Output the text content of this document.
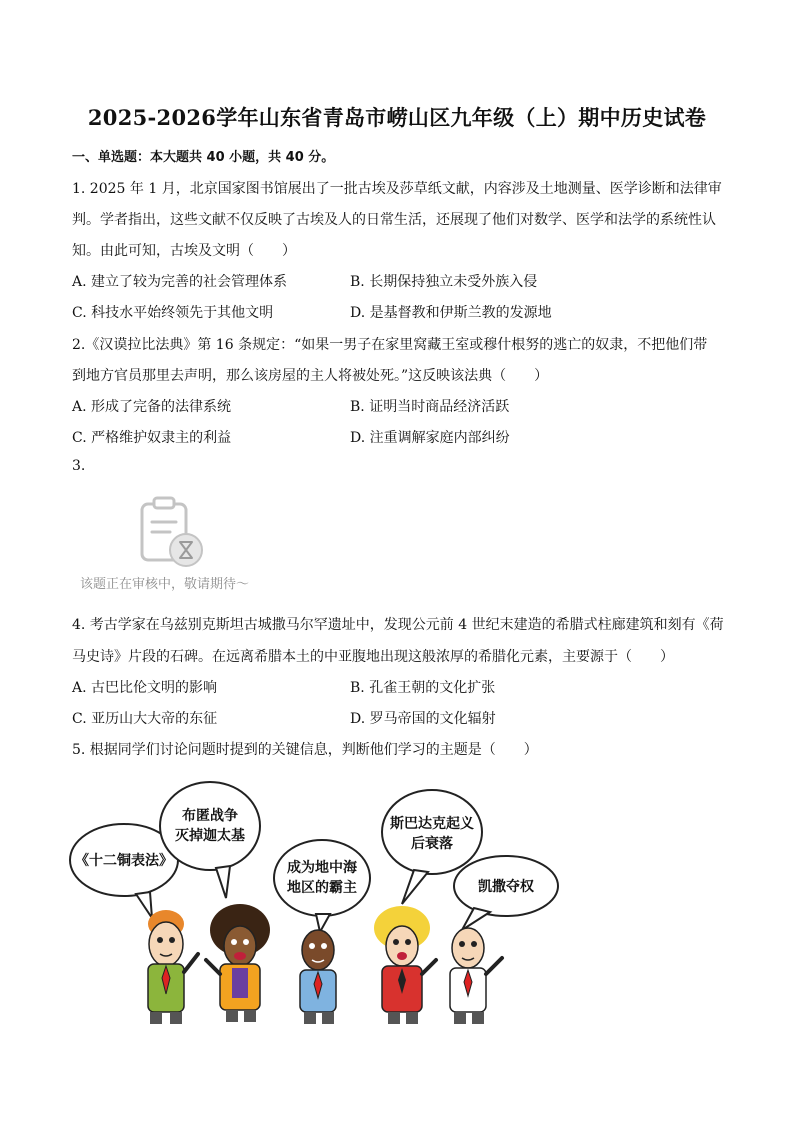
2025-2026学年山东省青岛市崂山区九年级（上）期中历史试卷
一、单选题：本大题共 40 小题，共 40 分。
1. 2025 年 1 月，北京国家图书馆展出了一批古埃及莎草纸文献，内容涉及土地测量、医学诊断和法律审
判。学者指出，这些文献不仅反映了古埃及人的日常生活，还展现了他们对数学、医学和法学的系统性认
知。由此可知，古埃及文明（　　）
A. 建立了较为完善的社会管理体系	B. 长期保持独立未受外族入侵
C. 科技水平始终领先于其他文明	D. 是基督教和伊斯兰教的发源地
2.《汉谟拉比法典》第 16 条规定：“如果一男子在家里窝藏王室或穆什根努的逃亡的奴隶，不把他们带
到地方官员那里去声明，那么该房屋的主人将被处死。”这反映该法典（　　）
A. 形成了完备的法律系统	B. 证明当时商品经济活跃
C. 严格维护奴隶主的利益	D. 注重调解家庭内部纠纷
3.
该题正在审核中，敬请期待～
4. 考古学家在乌兹别克斯坦古城撒马尔罕遗址中，发现公元前 4 世纪末建造的希腊式柱廊建筑和刻有《荷
马史诗》片段的石碑。在远离希腊本土的中亚腹地出现这般浓厚的希腊化元素，主要源于（　　）
A. 古巴比伦文明的影响	B. 孔雀王朝的文化扩张
C. 亚历山大大帝的东征	D. 罗马帝国的文化辐射
5. 根据同学们讨论问题时提到的关键信息，判断他们学习的主题是（　　）
《十二铜表法》
布匿战争
灭掉迦太基
成为地中海
地区的霸主
斯巴达克起义
后衰落
凯撒夺权
